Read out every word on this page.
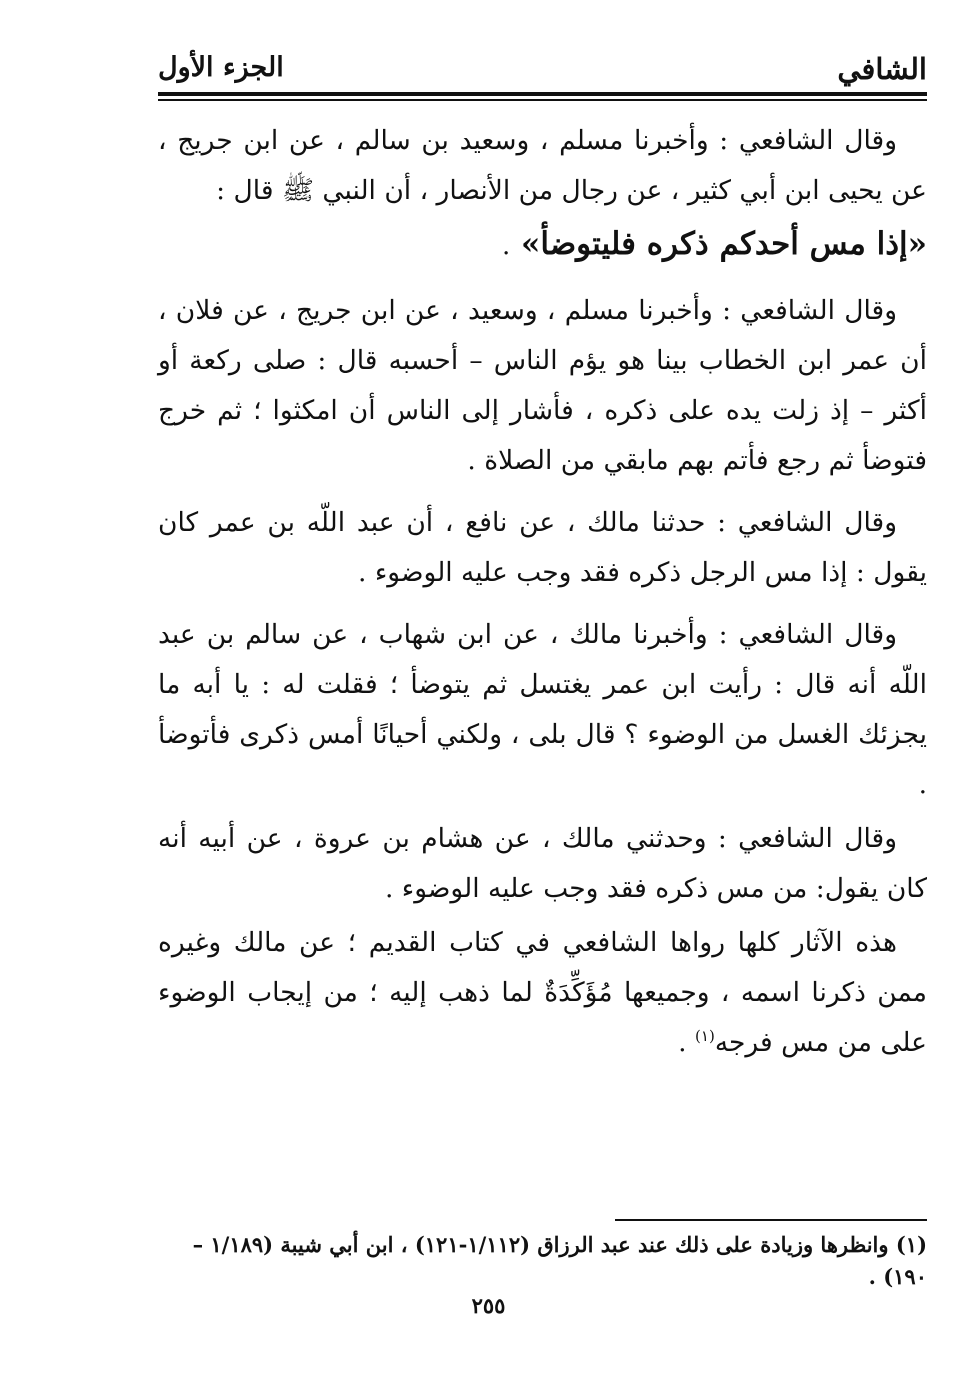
الشافي
الجزء الأول

وقال الشافعي : وأخبرنا مسلم ، وسعيد بن سالم ، عن ابن جريج ، عن يحيى ابن أبي كثير ، عن رجال من الأنصار ، أن النبي ﷺ قال :

«إذا مس أحدكم ذكره فليتوضأ» .

وقال الشافعي : وأخبرنا مسلم ، وسعيد ، عن ابن جريج ، عن فلان ، أن عمر ابن الخطاب بينا هو يؤم الناس – أحسبه قال : صلى ركعة أو أكثر – إذ زلت يده على ذكره ، فأشار إلى الناس أن امكثوا ؛ ثم خرج فتوضأ ثم رجع فأتم بهم مابقي من الصلاة .

وقال الشافعي : حدثنا مالك ، عن نافع ، أن عبد اللّه بن عمر كان يقول : إذا مس الرجل ذكره فقد وجب عليه الوضوء .

وقال الشافعي : وأخبرنا مالك ، عن ابن شهاب ، عن سالم بن عبد اللّه أنه قال : رأيت ابن عمر يغتسل ثم يتوضأ ؛ فقلت له : يا أبه ما يجزئك الغسل من الوضوء ؟ قال بلى ، ولكني أحيانًا أمس ذكرى فأتوضأ .

وقال الشافعي : وحدثني مالك ، عن هشام بن عروة ، عن أبيه أنه كان يقول: من مس ذكره فقد وجب عليه الوضوء .

هذه الآثار كلها رواها الشافعي في كتاب القديم ؛ عن مالك وغيره ممن ذكرنا اسمه ، وجميعها مُؤَكِّدَةٌ لما ذهب إليه ؛ من إيجاب الوضوء على من مس فرجه$^{(١)}$ .

(١) وانظرها وزيادة على ذلك عند عبد الرزاق (١/١١٢-١٢١) ، ابن أبي شيبة (١/١٨٩ – ١٩٠) .
٢٥٥
